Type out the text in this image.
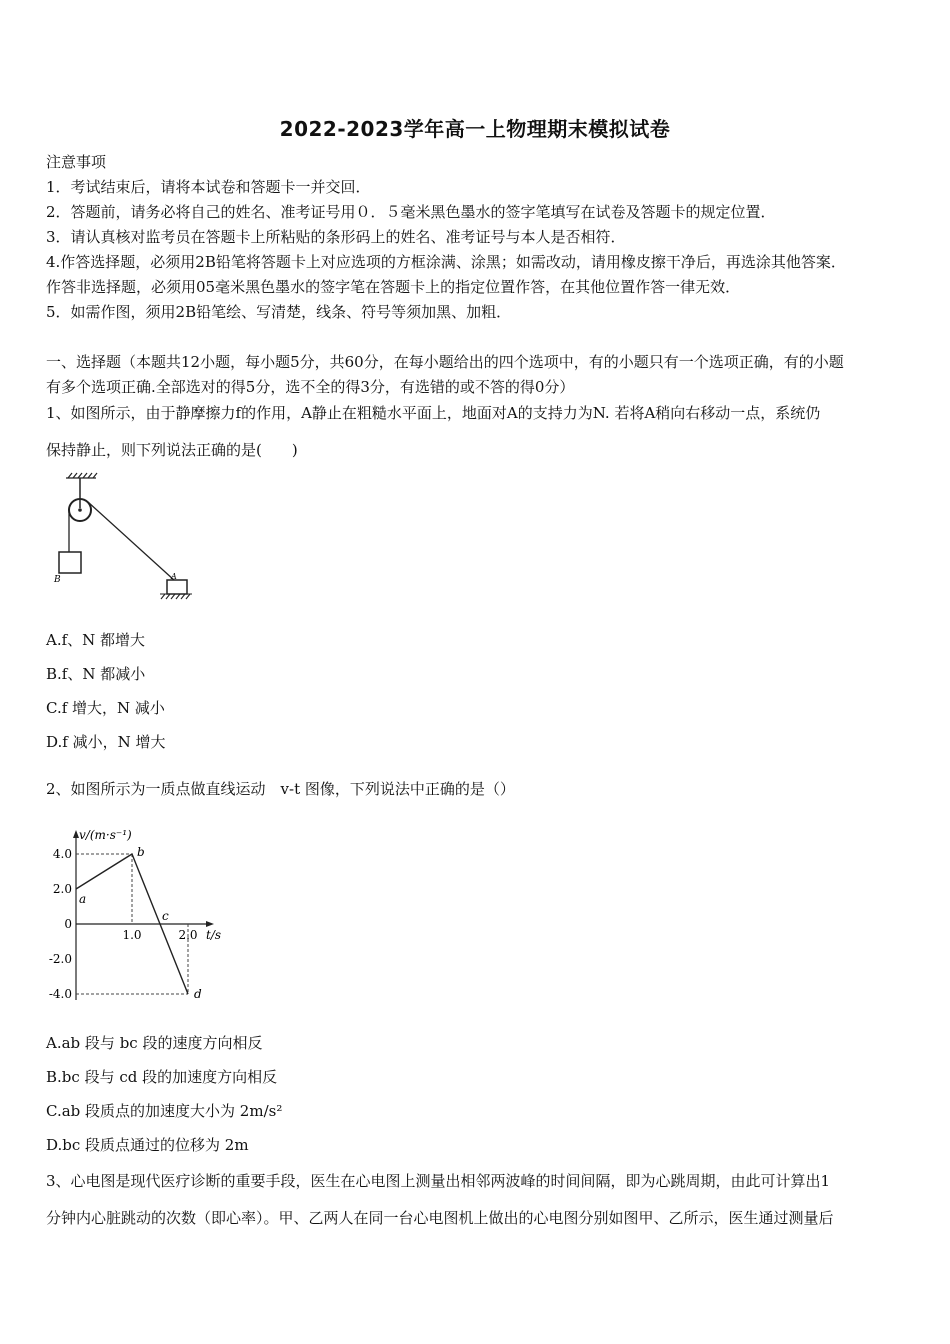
2022-2023学年高一上物理期末模拟试卷
注意事项
1．考试结束后，请将本试卷和答题卡一并交回．
2．答题前，请务必将自己的姓名、准考证号用０．５毫米黑色墨水的签字笔填写在试卷及答题卡的规定位置．
3．请认真核对监考员在答题卡上所粘贴的条形码上的姓名、准考证号与本人是否相符．
4.作答选择题，必须用2B铅笔将答题卡上对应选项的方框涂满、涂黑；如需改动，请用橡皮擦干净后，再选涂其他答案．
作答非选择题，必须用05毫米黑色墨水的签字笔在答题卡上的指定位置作答，在其他位置作答一律无效．
5．如需作图，须用2B铅笔绘、写清楚，线条、符号等须加黑、加粗．
一、选择题（本题共12小题，每小题5分，共60分，在每小题给出的四个选项中，有的小题只有一个选项正确，有的小题
有多个选项正确.全部选对的得5分，选不全的得3分，有选错的或不答的得0分）
1、如图所示，由于静摩擦力f的作用，A静止在粗糙水平面上，地面对A的支持力为N. 若将A稍向右移动一点，系统仍
保持静止，则下列说法正确的是(　　)
B	A
A.f、N 都增大
B.f、N 都减小
C.f 增大，N 减小
D.f 减小，N 增大
2、如图所示为一质点做直线运动　v-t 图像，下列说法中正确的是（）
v/(m·s⁻¹)
t/s
4.0
2.0
0
-2.0
-4.0
1.0	2.0
a
b
c
d
A.ab 段与 bc 段的速度方向相反
B.bc 段与 cd 段的加速度方向相反
C.ab 段质点的加速度大小为 2m/s²
D.bc 段质点通过的位移为 2m
3、心电图是现代医疗诊断的重要手段，医生在心电图上测量出相邻两波峰的时间间隔，即为心跳周期，由此可计算出1
分钟内心脏跳动的次数（即心率）。甲、乙两人在同一台心电图机上做出的心电图分别如图甲、乙所示，医生通过测量后
